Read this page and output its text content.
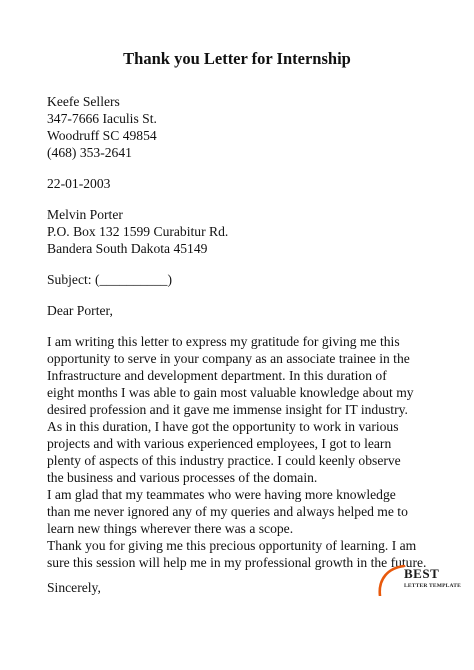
Thank you Letter for Internship
Keefe Sellers
347-7666 Iaculis St.
Woodruff SC 49854
(468) 353-2641
22-01-2003
Melvin Porter
P.O. Box 132 1599 Curabitur Rd.
Bandera South Dakota 45149
Subject: (__________)
Dear Porter,
I am writing this letter to express my gratitude for giving me this
opportunity to serve in your company as an associate trainee in the
Infrastructure and development department. In this duration of
eight months I was able to gain most valuable knowledge about my
desired profession and it gave me immense insight for IT industry.
As in this duration, I have got the opportunity to work in various
projects and with various experienced employees, I got to learn
plenty of aspects of this industry practice. I could keenly observe
the business and various processes of the domain.
I am glad that my teammates who were having more knowledge
than me never ignored any of my queries and always helped me to
learn new things wherever there was a scope.
Thank you for giving me this precious opportunity of learning. I am
sure this session will help me in my professional growth in the future.
Sincerely,
BEST
LETTER TEMPLATE
